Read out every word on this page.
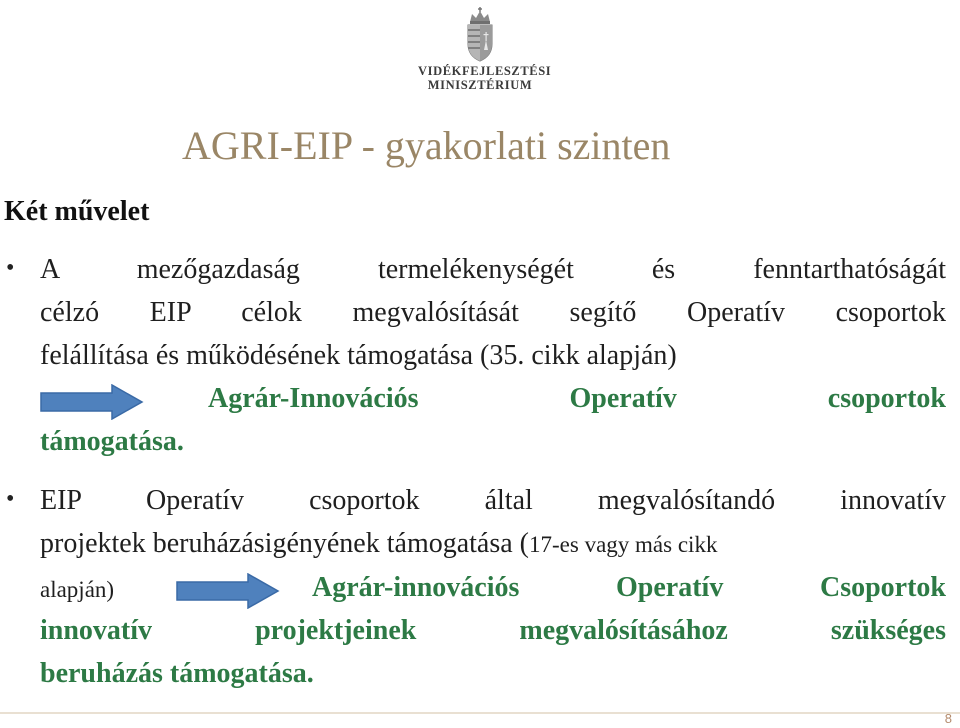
VIDÉKFEJLESZTÉSI
MINISZTÉRIUM
AGRI-EIP - gyakorlati szinten
Két művelet
• A mezőgazdaság termelékenységét és fenntarthatóságát
célzó EIP célok megvalósítását segítő Operatív csoportok
felállítása és működésének támogatása (35. cikk alapján)
Agrár-Innovációs Operatív csoportok
támogatása.
• EIP Operatív csoportok által megvalósítandó innovatív
projektek beruházásigényének támogatása (17-es vagy más cikk
alapján)	Agrár-innovációs Operatív Csoportok
innovatív projektjeinek megvalósításához szükséges
beruházás támogatása.
8
